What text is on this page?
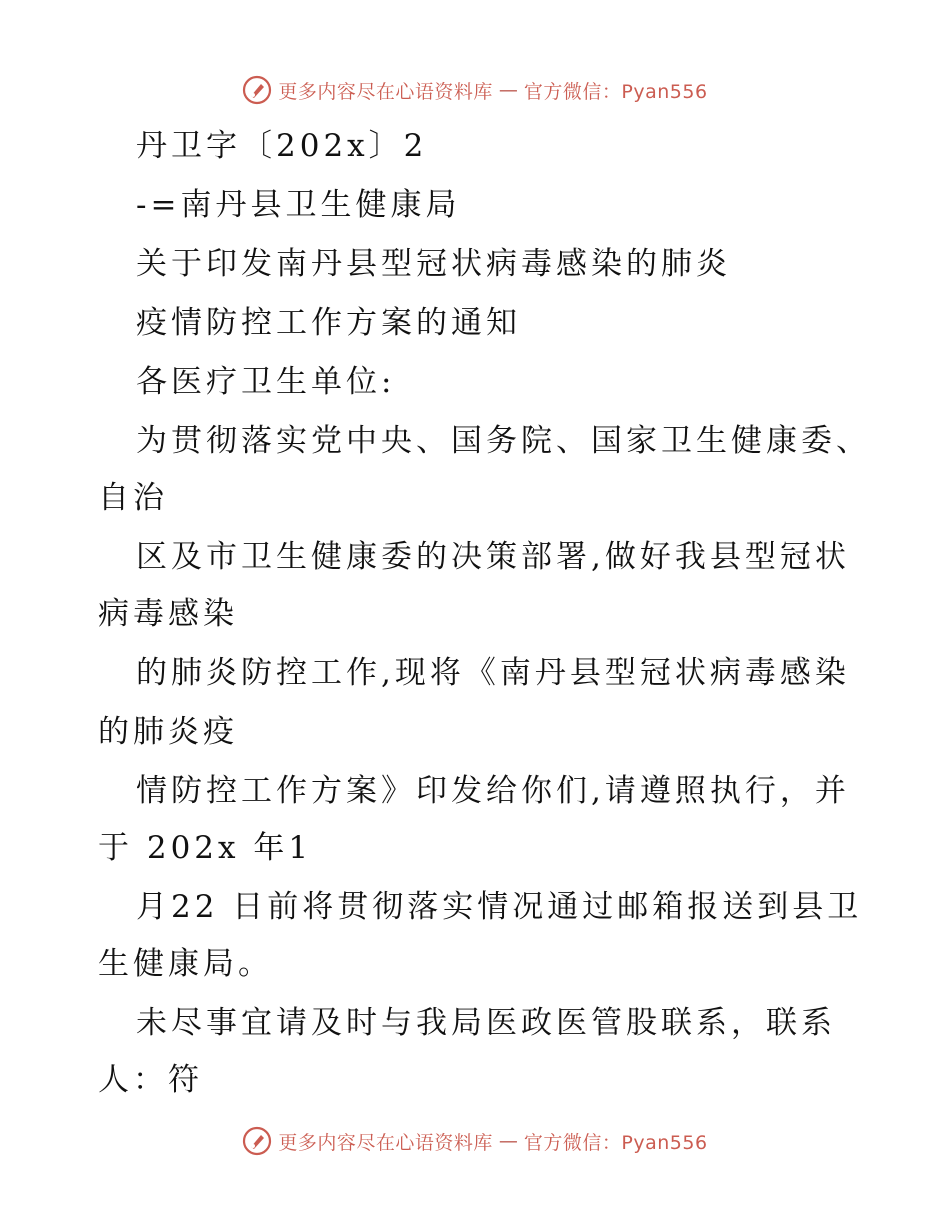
更多内容尽在心语资料库 — 官方微信：Pyan556
丹卫字〔202x〕2
-=南丹县卫生健康局
关于印发南丹县型冠状病毒感染的肺炎
疫情防控工作方案的通知
各医疗卫生单位:
为贯彻落实党中央、国务院、国家卫生健康委、
自治
区及市卫生健康委的决策部署,做好我县型冠状
病毒感染
的肺炎防控工作,现将《南丹县型冠状病毒感染
的肺炎疫
情防控工作方案》印发给你们,请遵照执行，并
于 202x 年1
月22 日前将贯彻落实情况通过邮箱报送到县卫
生健康局。
未尽事宜请及时与我局医政医管股联系，联系
人：符
更多内容尽在心语资料库 — 官方微信：Pyan556
